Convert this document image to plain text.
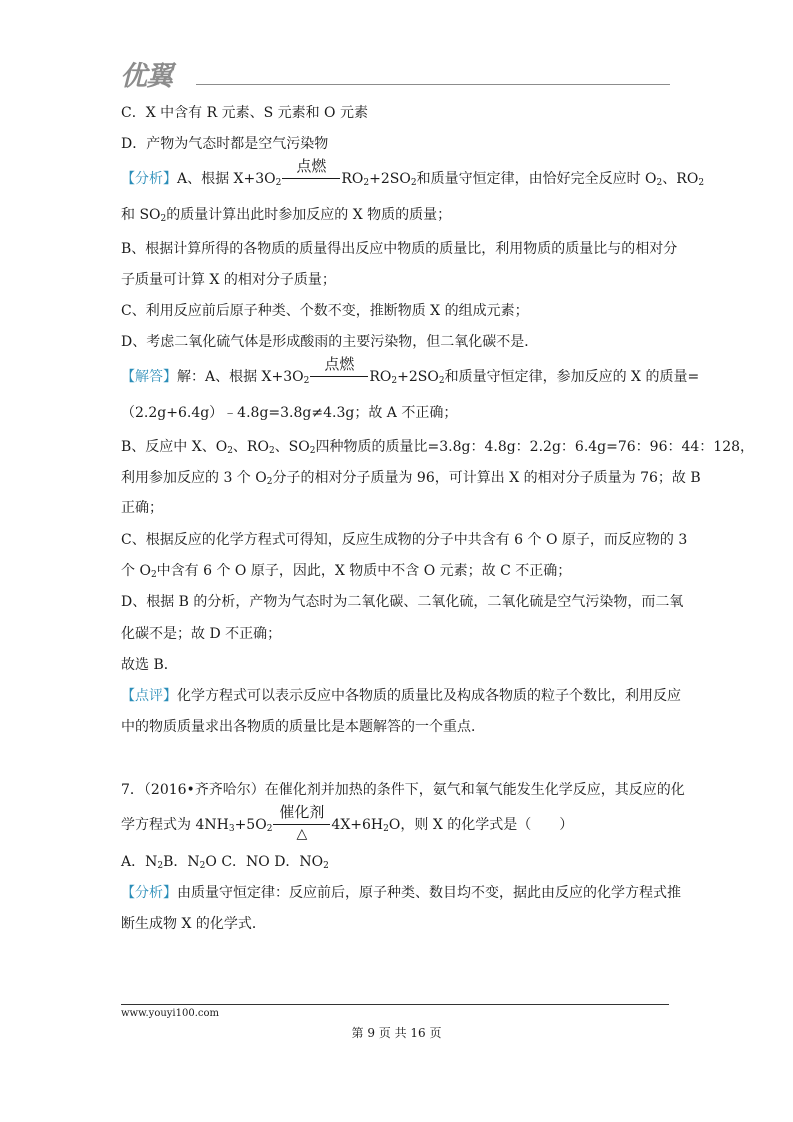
优翼
C．X 中含有 R 元素、S 元素和 O 元素
D．产物为气态时都是空气污染物
【分析】A、根据 $X+3O_2$
点燃
$RO_2+2SO_2$和质量守恒定律，由恰好完全反应时 $O_2$、$RO_2$
和 $SO_2$的质量计算出此时参加反应的 X 物质的质量；
B、根据计算所得的各物质的质量得出反应中物质的质量比，利用物质的质量比与的相对分
子质量可计算 X 的相对分子质量；
C、利用反应前后原子种类、个数不变，推断物质 X 的组成元素；
D、考虑二氧化硫气体是形成酸雨的主要污染物，但二氧化碳不是．
【解答】解：A、根据 $X+3O_2$
点燃
$RO_2+2SO_2$和质量守恒定律，参加反应的 X 的质量=
（2.2g+6.4g）﹣4.8g=3.8g≠4.3g；故 A 不正确；
B、反应中 X、$O_2$、$RO_2$、$SO_2$四种物质的质量比=3.8g：4.8g：2.2g：6.4g=76：96：44：128，
利用参加反应的 3 个 $O_2$分子的相对分子质量为 96，可计算出 X 的相对分子质量为 76；故 B
正确；
C、根据反应的化学方程式可得知，反应生成物的分子中共含有 6 个 O 原子，而反应物的 3
个 $O_2$中含有 6 个 O 原子，因此，X 物质中不含 O 元素；故 C 不正确；
D、根据 B 的分析，产物为气态时为二氧化碳、二氧化硫，二氧化硫是空气污染物，而二氧
化碳不是；故 D 不正确；
故选 B．
【点评】化学方程式可以表示反应中各物质的质量比及构成各物质的粒子个数比，利用反应
中的物质质量求出各物质的质量比是本题解答的一个重点．
7．（2016•齐齐哈尔）在催化剂并加热的条件下，氨气和氧气能发生化学反应，其反应的化
学方程式为 $4NH_3+5O_2$
催化剂
△
$4X+6H_2O$，则 X 的化学式是（　　）
A．$N_2B$．$N_2O$ C．NO D．$NO_2$
【分析】由质量守恒定律：反应前后，原子种类、数目均不变，据此由反应的化学方程式推
断生成物 X 的化学式．
www.youyi100.com
第 9 页 共 16 页
